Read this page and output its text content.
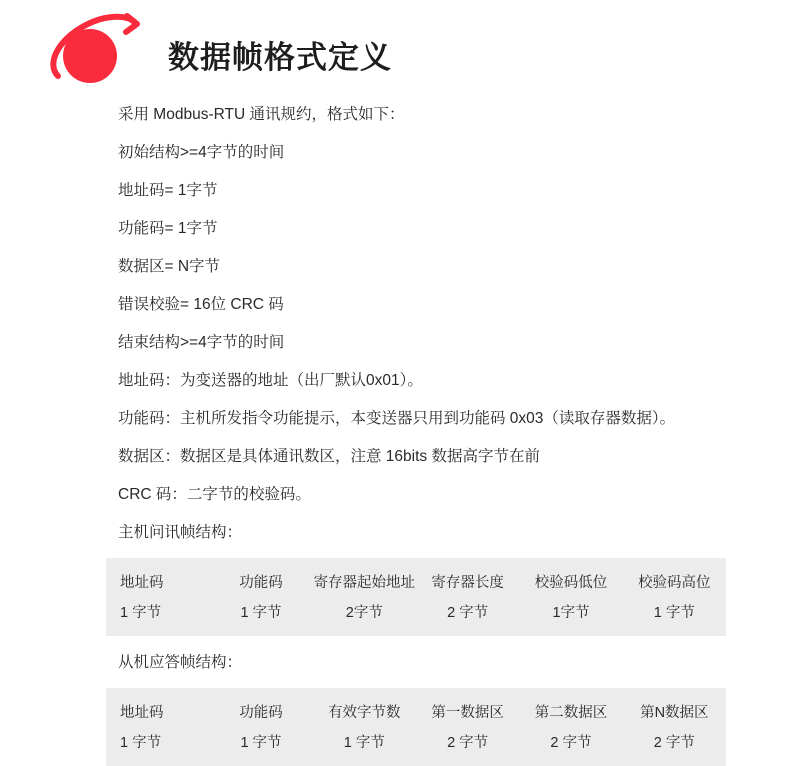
数据帧格式定义

采用 Modbus-RTU 通讯规约，格式如下：

初始结构>=4字节的时间

地址码= 1字节

功能码= 1字节

数据区= N字节

错误校验= 16位 CRC 码

结束结构>=4字节的时间

地址码：为变送器的地址（出厂默认0x01）。

功能码：主机所发指令功能提示，本变送器只用到功能码 0x03（读取存器数据）。

数据区：数据区是具体通讯数区，注意 16bits 数据高字节在前

CRC 码：二字节的校验码。

主机问讯帧结构：
地址码	功能码	寄存器起始地址	寄存器长度	校验码低位	校验码高位
1 字节	1 字节	2字节	2 字节	1字节	1 字节
从机应答帧结构：
地址码	功能码	有效字节数	第一数据区	第二数据区	第N数据区
1 字节	1 字节	1 字节	2 字节	2 字节	2 字节
